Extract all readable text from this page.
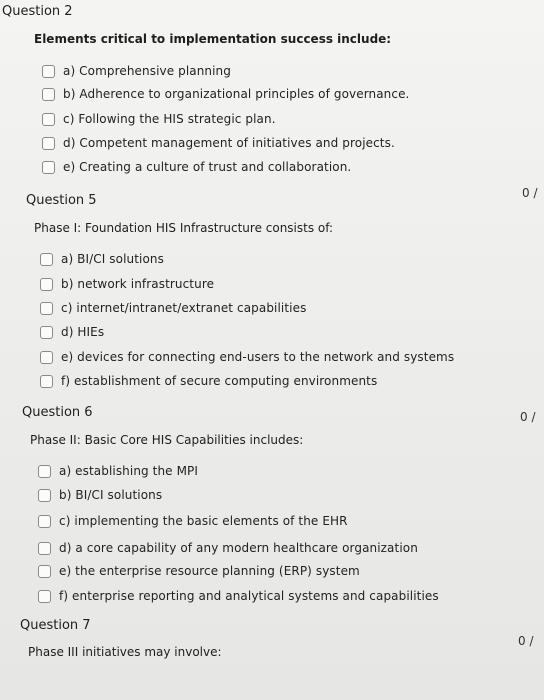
Question 2
Elements critical to implementation success include:
a) Comprehensive planning
b) Adherence to organizational principles of governance.
c) Following the HIS strategic plan.
d) Competent management of initiatives and projects.
e) Creating a culture of trust and collaboration.
Question 5	0 /
Phase I: Foundation HIS Infrastructure consists of:
a) BI/CI solutions
b) network infrastructure
c) internet/intranet/extranet capabilities
d) HIEs
e) devices for connecting end-users to the network and systems
f) establishment of secure computing environments
Question 6	0 /
Phase II: Basic Core HIS Capabilities includes:
a) establishing the MPI
b) BI/CI solutions
c) implementing the basic elements of the EHR
d) a core capability of any modern healthcare organization
e) the enterprise resource planning (ERP) system
f) enterprise reporting and analytical systems and capabilities
Question 7
0 /
Phase III initiatives may involve:
